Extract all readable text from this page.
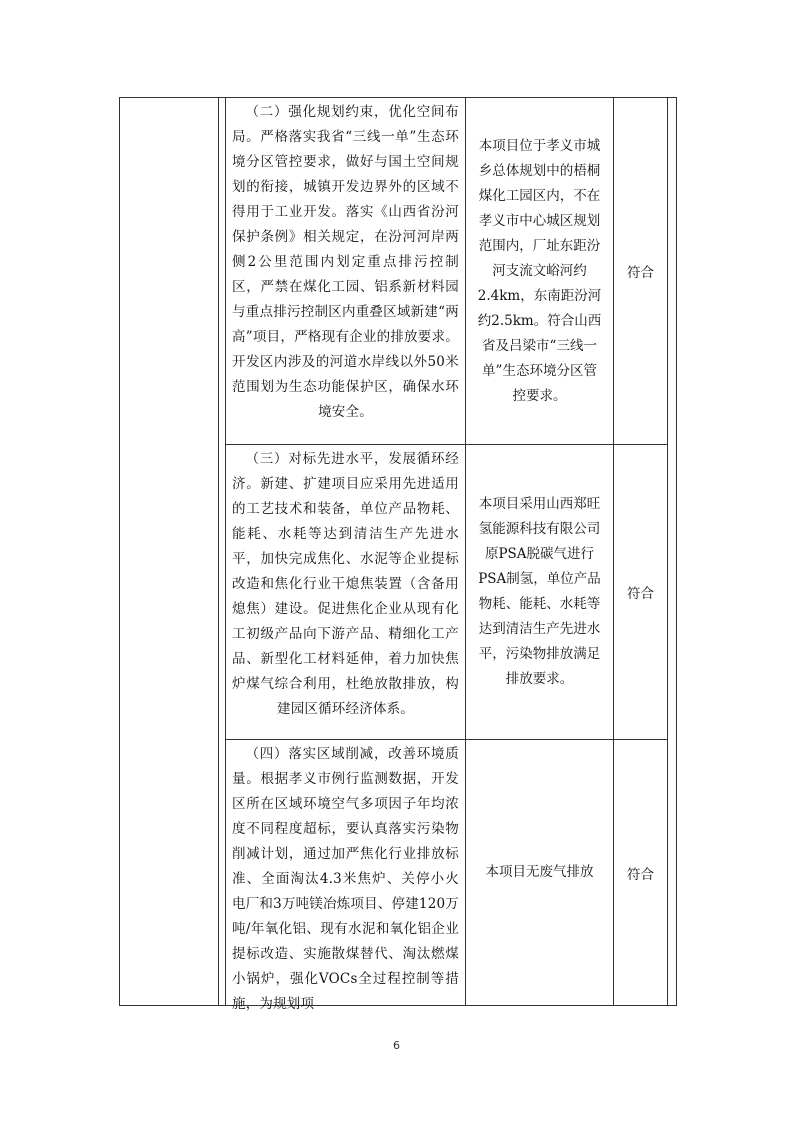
（二）强化规划约束，优化空间布局。严格落实我省“三线一单”生态环境分区管控要求，做好与国土空间规划的衔接，城镇开发边界外的区域不得用于工业开发。落实《山西省汾河保护条例》相关规定，在汾河河岸两侧2公里范围内划定重点排污控制区，严禁在煤化工园、铝系新材料园与重点排污控制区内重叠区域新建“两高”项目，严格现有企业的排放要求。开发区内涉及的河道水岸线以外50米范围划为生态功能保护区，确保水环境安全。
本项目位于孝义市城乡总体规划中的梧桐煤化工园区内，不在孝义市中心城区规划范围内，厂址东距汾河支流文峪河约2.4km，东南距汾河约2.5km。符合山西省及吕梁市“三线一单”生态环境分区管控要求。
符合
（三）对标先进水平，发展循环经济。新建、扩建项目应采用先进适用的工艺技术和装备，单位产品物耗、能耗、水耗等达到清洁生产先进水平，加快完成焦化、水泥等企业提标改造和焦化行业干熄焦装置（含备用熄焦）建设。促进焦化企业从现有化工初级产品向下游产品、精细化工产品、新型化工材料延伸，着力加快焦炉煤气综合利用，杜绝放散排放，构建园区循环经济体系。
本项目采用山西郑旺氢能源科技有限公司原PSA脱碳气进行PSA制氢，单位产品物耗、能耗、水耗等达到清洁生产先进水平，污染物排放满足排放要求。
符合
（四）落实区域削减，改善环境质量。根据孝义市例行监测数据，开发区所在区域环境空气多项因子年均浓度不同程度超标，要认真落实污染物削减计划，通过加严焦化行业排放标准、全面淘汰4.3米焦炉、关停小火电厂和3万吨镁冶炼项目、停建120万吨/年氧化铝、现有水泥和氧化铝企业提标改造、实施散煤替代、淘汰燃煤小锅炉，强化VOCs全过程控制等措施，为规划项
本项目无废气排放	符合
6
